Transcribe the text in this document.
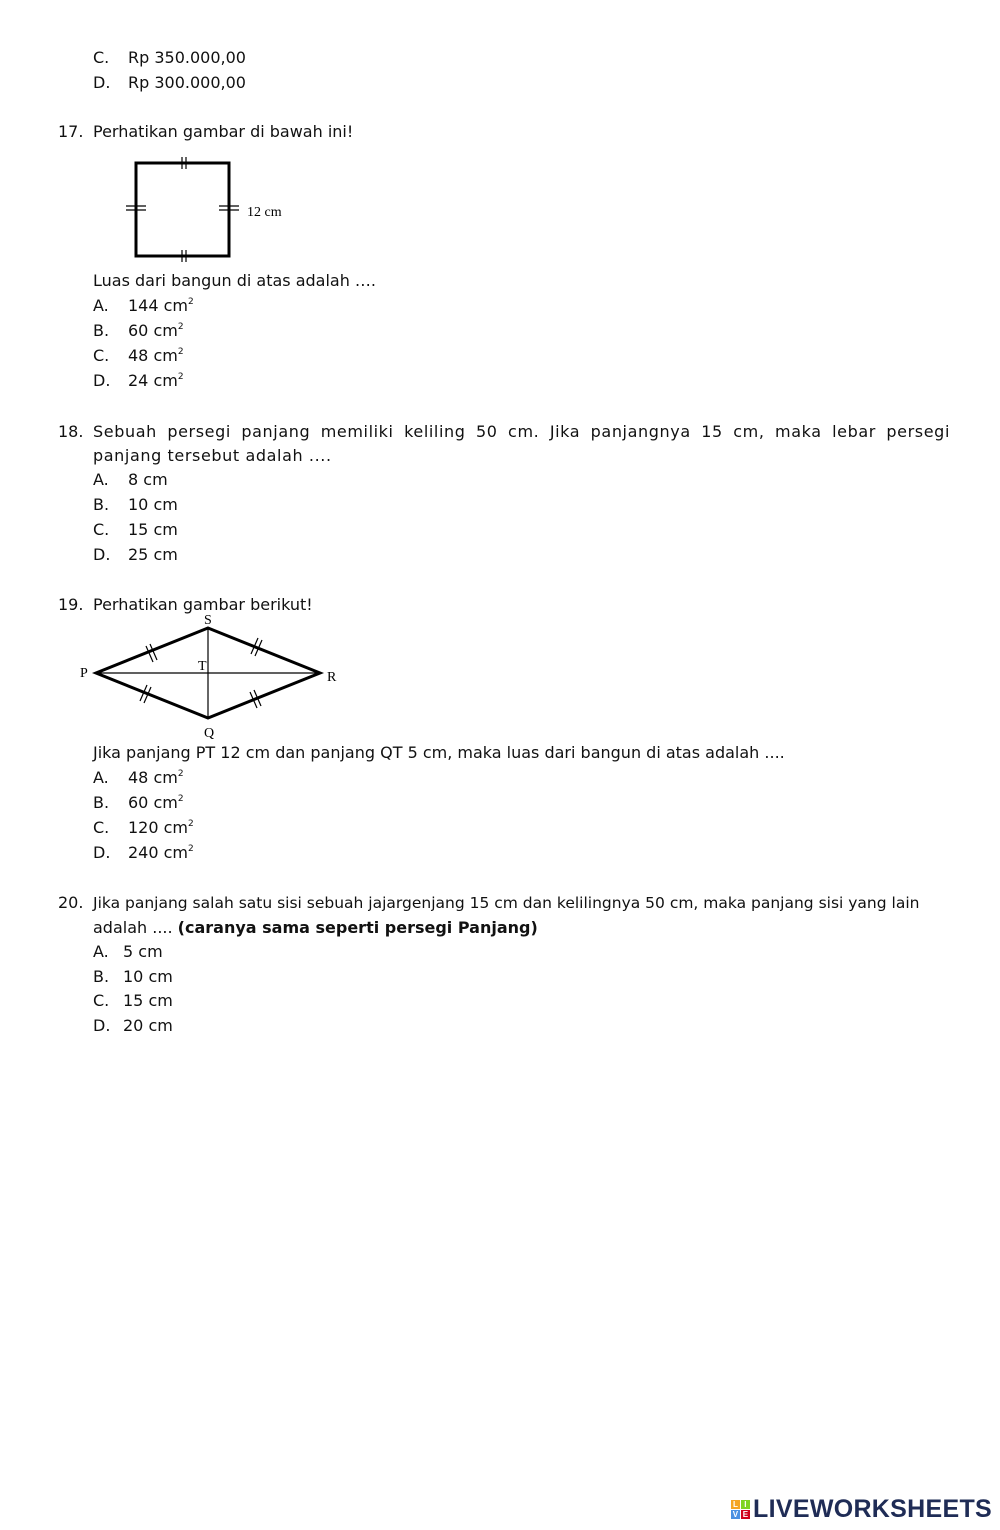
C. Rp 350.000,00
D. Rp 300.000,00
17. Perhatikan gambar di bawah ini!
12 cm
Luas dari bangun di atas adalah ….
A. 144 $cm^2$
B. 60 $cm^2$
C. 48 $cm^2$
D. 24 $cm^2$
18. Sebuah persegi panjang memiliki keliling 50 cm. Jika panjangnya 15 cm, maka lebar persegi
panjang tersebut adalah ....
A. 8 cm
B. 10 cm
C. 15 cm
D. 25 cm
19. Perhatikan gambar berikut!
S
P	T
R
Q
Jika panjang PT 12 cm dan panjang QT 5 cm, maka luas dari bangun di atas adalah ....
A. 48 $cm^2$
B. 60 $cm^2$
C. 120 $cm^2$
D. 240 $cm^2$
20. Jika panjang salah satu sisi sebuah jajargenjang 15 cm dan kelilingnya 50 cm, maka panjang sisi yang lain
adalah .... (caranya sama seperti persegi Panjang)
A. 5 cm
B. 10 cm
C. 15 cm
D. 20 cm
L I
V E LIVEWORKSHEETS
